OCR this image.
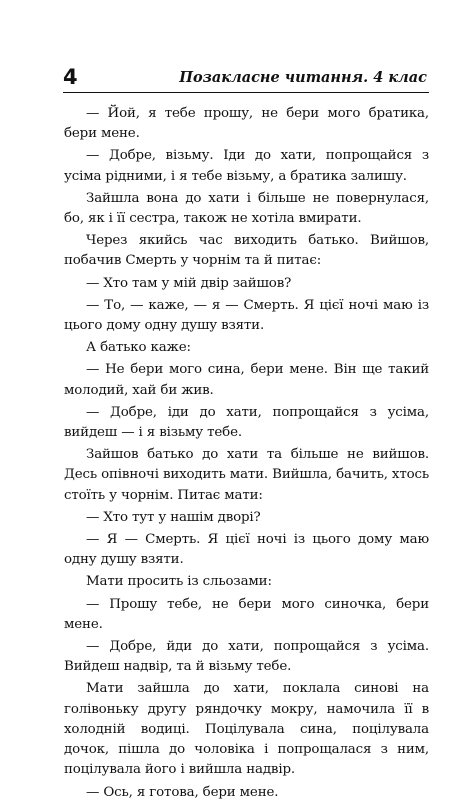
4	Позакласне читання. 4 клас

— Йой, я тебе прошу, не бери мого братика, бери мене.

— Добре, візьму. Іди до хати, попрощайся з усіма рідними, і я тебе візьму, а братика залишу.

Зайшла вона до хати і більше не повернулася, бо, як і її сестра, також не хотіла вмирати.

Через якийсь час виходить батько. Вийшов, побачив Смерть у чорнім та й питає:

— Хто там у мій двір зайшов?

— То, — каже, — я — Смерть. Я цієї ночі маю із цього дому одну душу взяти.

А батько каже:

— Не бери мого сина, бери мене. Він ще такий молодий, хай би жив.

— Добре, іди до хати, попрощайся з усіма, вийдеш — і я візьму тебе.

Зайшов батько до хати та більше не вийшов. Десь опівночі виходить мати. Вийшла, бачить, хтось стоїть у чорнім. Питає мати:

— Хто тут у нашім дворі?

— Я — Смерть. Я цієї ночі із цього дому маю одну душу взяти.

Мати просить із сльозами:

— Прошу тебе, не бери мого синочка, бери мене.

— Добре, йди до хати, попрощайся з усіма. Вийдеш надвір, та й візьму тебе.

Мати зайшла до хати, поклала синові на голівоньку другу ряндочку мокру, намочила її в холодній водиці. Поцілувала сина, поцілувала дочок, пішла до чоловіка і попрощалася з ним, поцілувала його і вийшла надвір.

— Ось, я готова, бери мене.
